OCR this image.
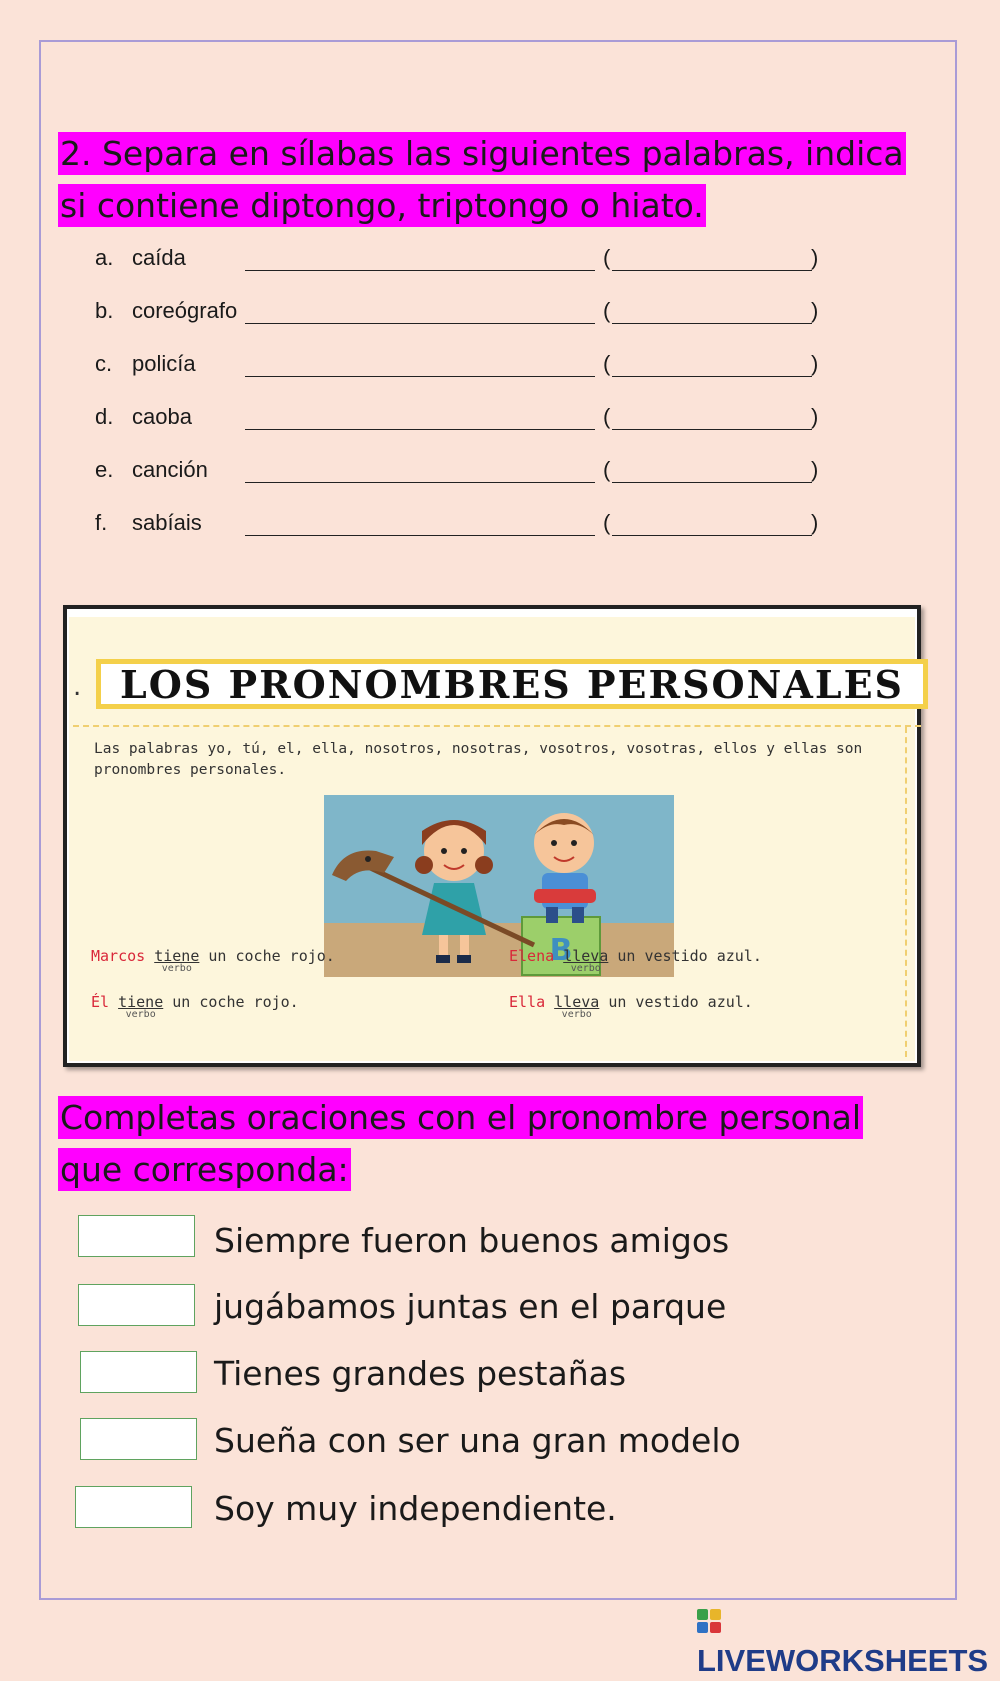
2. Separa en sílabas las siguientes palabras, indica si contiene diptongo, triptongo o hiato.
a. caída	(	)
b. coreógrafo	(	)
c. policía	(	)
d. caoba	(	)
e. canción	(	)
f. sabíais	(	)
.	LOS PRONOMBRES PERSONALES
Las palabras yo, tú, el, ella, nosotros, nosotras, vosotros, vosotras, ellos y ellas son pronombres personales.
B
Marcos tiene
verbo
un coche rojo.	Elena lleva
verbo
un vestido azul.
Él tiene
verbo
un coche rojo.	Ella lleva
verbo
un vestido azul.
Completas oraciones con el pronombre personal que corresponda:
Siempre fueron buenos amigos
jugábamos juntas en el parque
Tienes grandes pestañas
Sueña con ser una gran modelo
Soy muy independiente.
LIVEWORKSHEETS
